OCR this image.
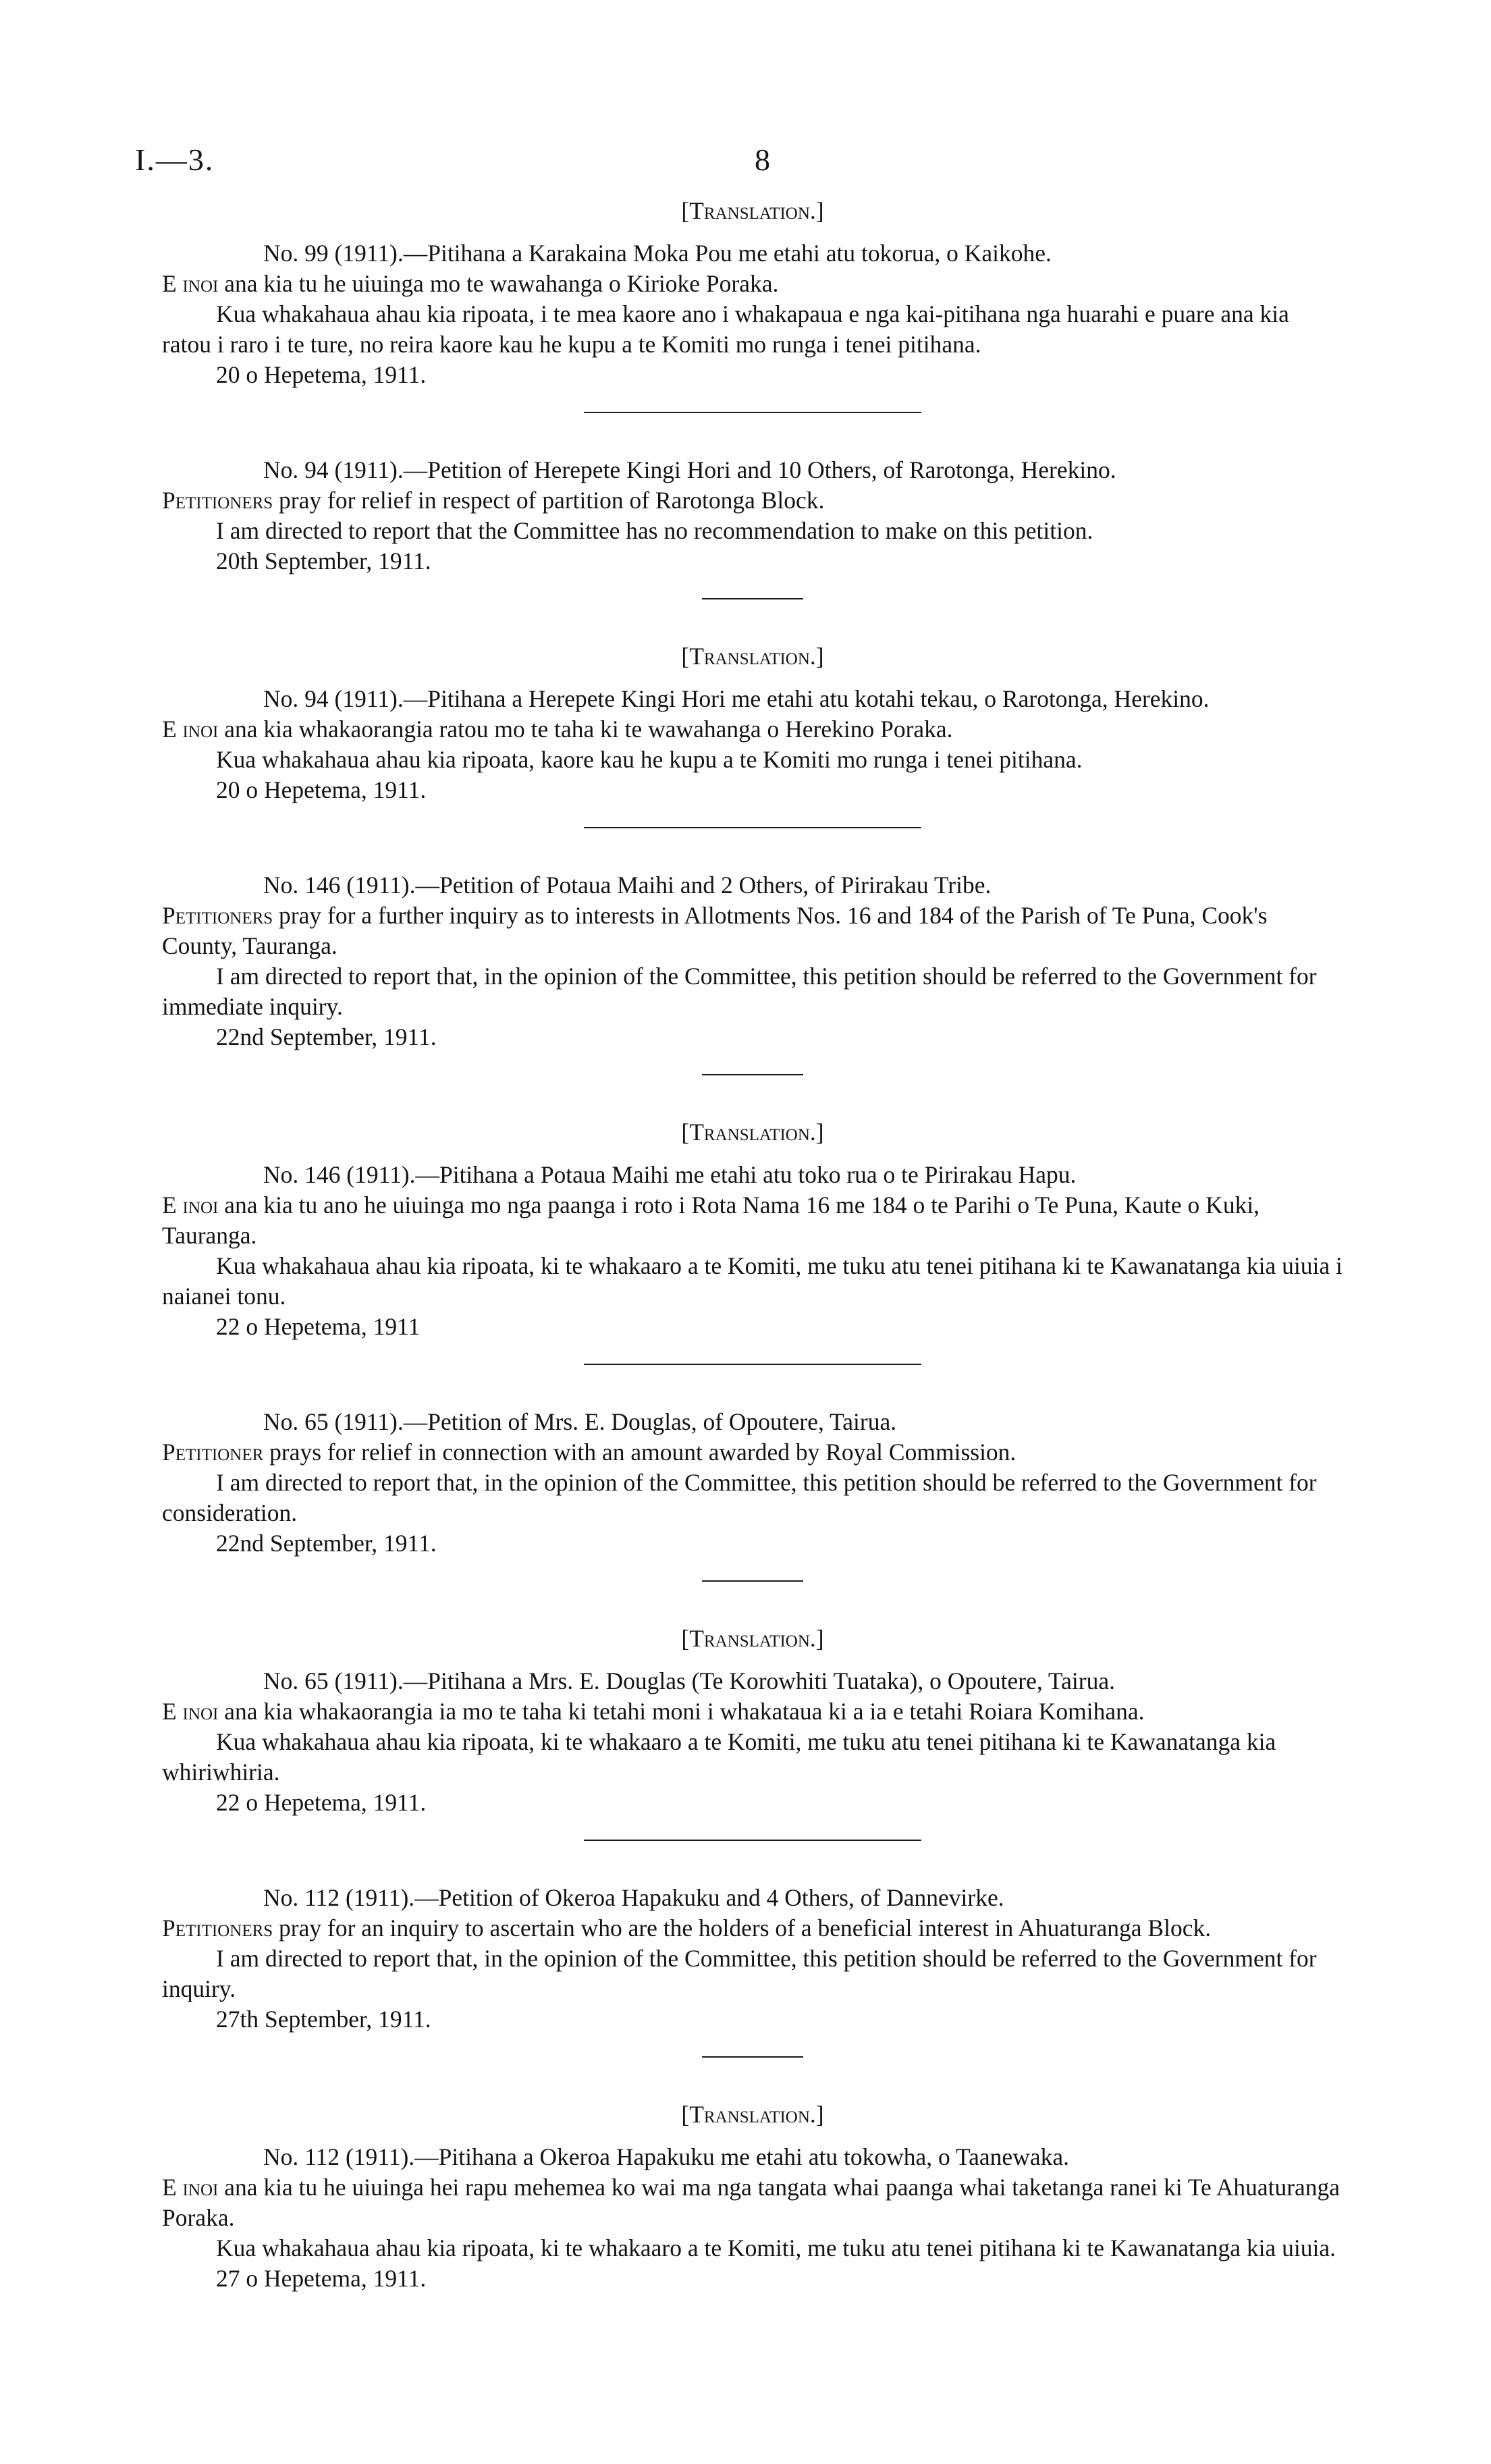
I.—3.	8
[Translation.]

No. 99 (1911).—Pitihana a Karakaina Moka Pou me etahi atu tokorua, o Kaikohe.

E inoi ana kia tu he uiuinga mo te wawahanga o Kirioke Poraka.

Kua whakahaua ahau kia ripoata, i te mea kaore ano i whakapaua e nga kai-pitihana nga huarahi e puare ana kia ratou i raro i te ture, no reira kaore kau he kupu a te Komiti mo runga i tenei pitihana.

20 o Hepetema, 1911.

No. 94 (1911).—Petition of Herepete Kingi Hori and 10 Others, of Rarotonga, Herekino.

Petitioners pray for relief in respect of partition of Rarotonga Block.

I am directed to report that the Committee has no recommendation to make on this petition.

20th September, 1911.

[Translation.]

No. 94 (1911).—Pitihana a Herepete Kingi Hori me etahi atu kotahi tekau, o Rarotonga, Herekino.

E inoi ana kia whakaorangia ratou mo te taha ki te wawahanga o Herekino Poraka.

Kua whakahaua ahau kia ripoata, kaore kau he kupu a te Komiti mo runga i tenei pitihana.

20 o Hepetema, 1911.

No. 146 (1911).—Petition of Potaua Maihi and 2 Others, of Pirirakau Tribe.

Petitioners pray for a further inquiry as to interests in Allotments Nos. 16 and 184 of the Parish of Te Puna, Cook's County, Tauranga.

I am directed to report that, in the opinion of the Committee, this petition should be referred to the Government for immediate inquiry.

22nd September, 1911.

[Translation.]

No. 146 (1911).—Pitihana a Potaua Maihi me etahi atu toko rua o te Pirirakau Hapu.

E inoi ana kia tu ano he uiuinga mo nga paanga i roto i Rota Nama 16 me 184 o te Parihi o Te Puna, Kaute o Kuki, Tauranga.

Kua whakahaua ahau kia ripoata, ki te whakaaro a te Komiti, me tuku atu tenei pitihana ki te Kawanatanga kia uiuia i naianei tonu.

22 o Hepetema, 1911

No. 65 (1911).—Petition of Mrs. E. Douglas, of Opoutere, Tairua.

Petitioner prays for relief in connection with an amount awarded by Royal Commission.

I am directed to report that, in the opinion of the Committee, this petition should be referred to the Government for consideration.

22nd September, 1911.

[Translation.]

No. 65 (1911).—Pitihana a Mrs. E. Douglas (Te Korowhiti Tuataka), o Opoutere, Tairua.

E inoi ana kia whakaorangia ia mo te taha ki tetahi moni i whakataua ki a ia e tetahi Roiara Komihana.

Kua whakahaua ahau kia ripoata, ki te whakaaro a te Komiti, me tuku atu tenei pitihana ki te Kawanatanga kia whiriwhiria.

22 o Hepetema, 1911.

No. 112 (1911).—Petition of Okeroa Hapakuku and 4 Others, of Dannevirke.

Petitioners pray for an inquiry to ascertain who are the holders of a beneficial interest in Ahuaturanga Block.

I am directed to report that, in the opinion of the Committee, this petition should be referred to the Government for inquiry.

27th September, 1911.

[Translation.]

No. 112 (1911).—Pitihana a Okeroa Hapakuku me etahi atu tokowha, o Taanewaka.

E inoi ana kia tu he uiuinga hei rapu mehemea ko wai ma nga tangata whai paanga whai taketanga ranei ki Te Ahuaturanga Poraka.

Kua whakahaua ahau kia ripoata, ki te whakaaro a te Komiti, me tuku atu tenei pitihana ki te Kawanatanga kia uiuia.

27 o Hepetema, 1911.
